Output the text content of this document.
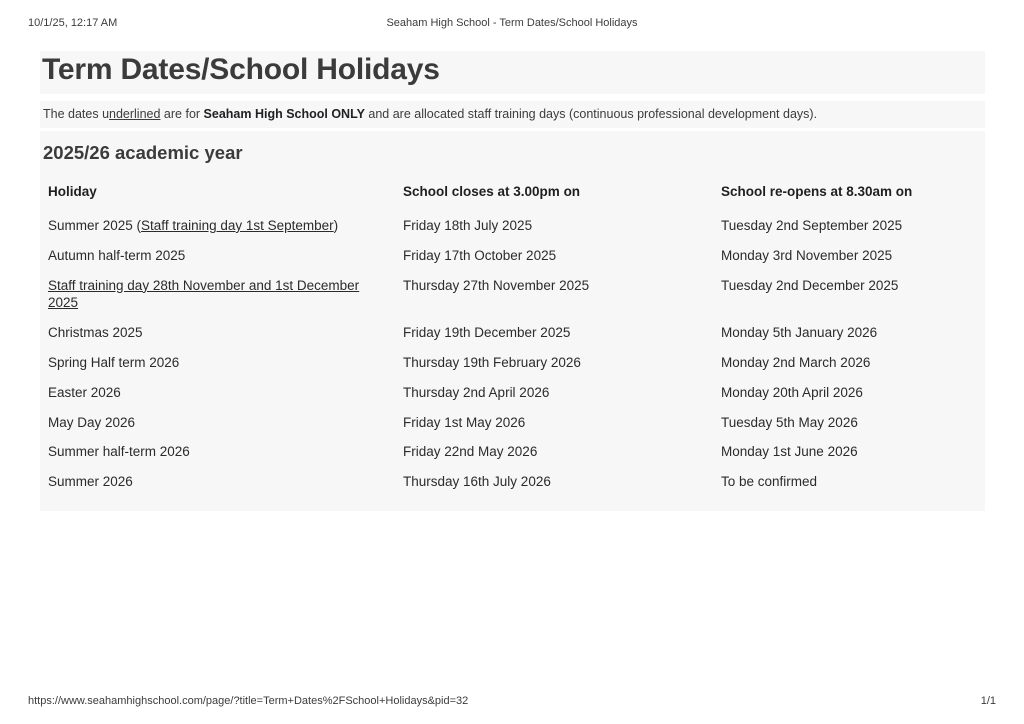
10/1/25, 12:17 AM	Seaham High School - Term Dates/School Holidays
Term Dates/School Holidays

The dates underlined are for Seaham High School ONLY and are allocated staff training days (continuous professional development days).

2025/26 academic year
Holiday	School closes at 3.00pm on	School re-opens at 8.30am on
Summer 2025 (Staff training day 1st September)	Friday 18th July 2025	Tuesday 2nd September 2025
Autumn half-term 2025	Friday 17th October 2025	Monday 3rd November 2025
Staff training day 28th November and 1st December 2025	Thursday 27th November 2025	Tuesday 2nd December 2025
Christmas 2025	Friday 19th December 2025	Monday 5th January 2026
Spring Half term 2026	Thursday 19th February 2026	Monday 2nd March 2026
Easter 2026	Thursday 2nd April 2026	Monday 20th April 2026
May Day 2026	Friday 1st May 2026	Tuesday 5th May 2026
Summer half-term 2026	Friday 22nd May 2026	Monday 1st June 2026
Summer 2026	Thursday 16th July 2026	To be confirmed
https://www.seahamhighschool.com/page/?title=Term+Dates%2FSchool+Holidays&pid=32	1/1
